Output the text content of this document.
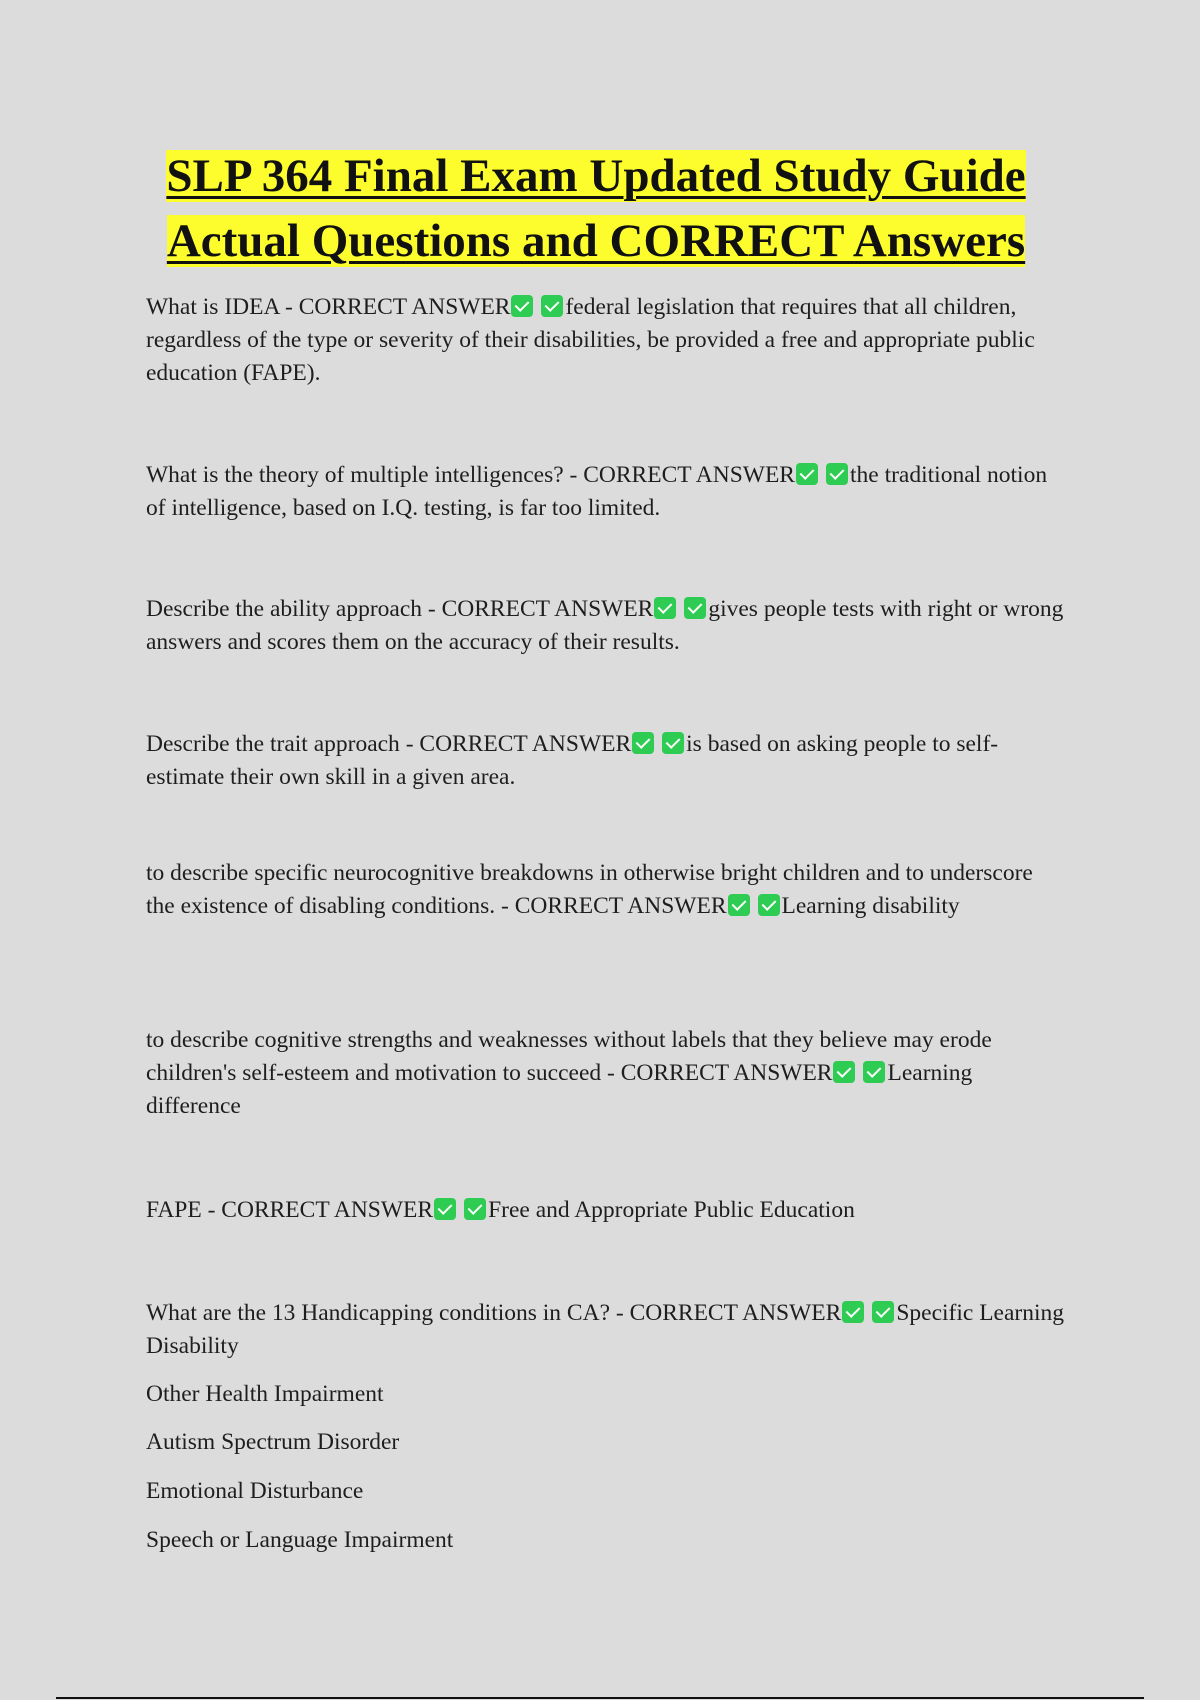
SLP 364 Final Exam Updated Study Guide
Actual Questions and CORRECT Answers

What is IDEA - CORRECT ANSWER federal legislation that requires that all children, regardless of the type or severity of their disabilities, be provided a free and appropriate public education (FAPE).

What is the theory of multiple intelligences? - CORRECT ANSWER the traditional notion of intelligence, based on I.Q. testing, is far too limited.

Describe the ability approach - CORRECT ANSWER gives people tests with right or wrong answers and scores them on the accuracy of their results.

Describe the trait approach - CORRECT ANSWER is based on asking people to self-estimate their own skill in a given area.

to describe specific neurocognitive breakdowns in otherwise bright children and to underscore the existence of disabling conditions. - CORRECT ANSWER Learning disability

to describe cognitive strengths and weaknesses without labels that they believe may erode children's self-esteem and motivation to succeed - CORRECT ANSWER Learning difference

FAPE - CORRECT ANSWER Free and Appropriate Public Education

What are the 13 Handicapping conditions in CA? - CORRECT ANSWER Specific Learning Disability

Other Health Impairment

Autism Spectrum Disorder

Emotional Disturbance

Speech or Language Impairment
